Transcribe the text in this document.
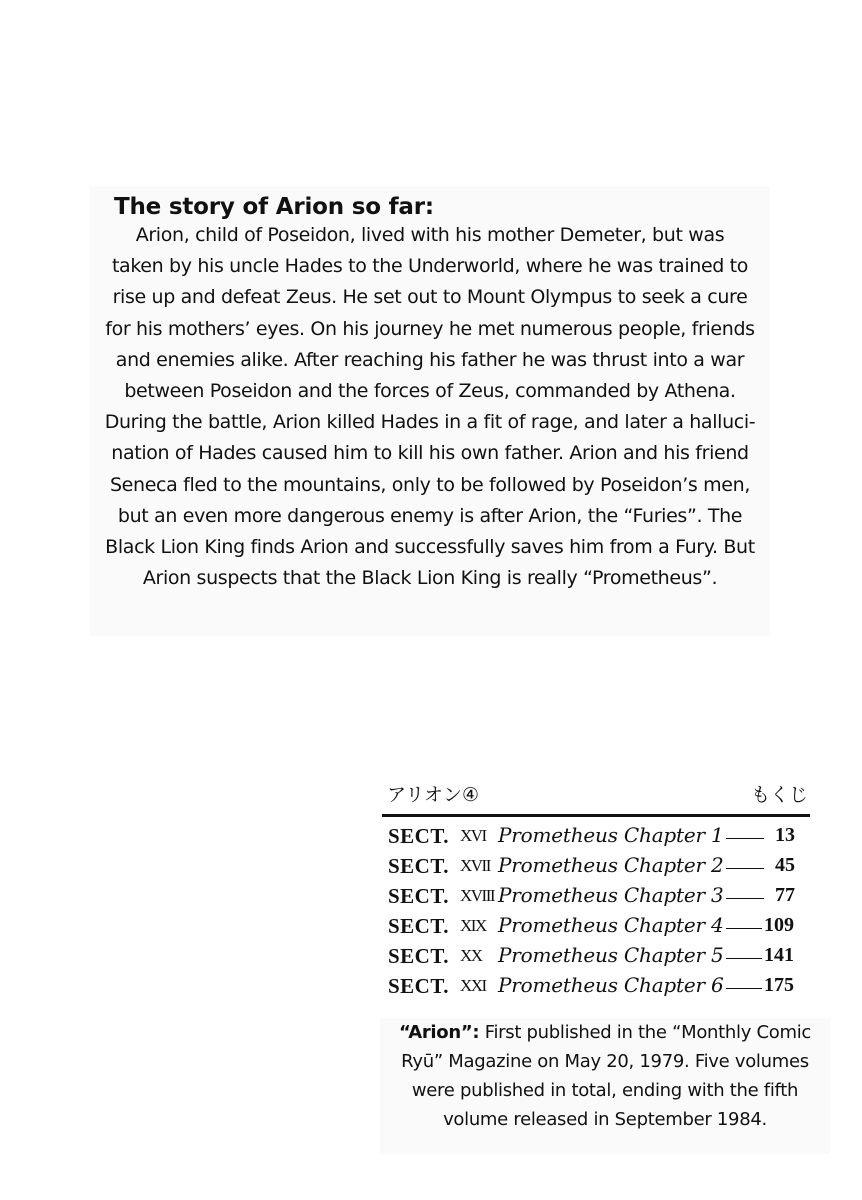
The story of Arion so far:
Arion, child of Poseidon, lived with his mother Demeter, but was
taken by his uncle Hades to the Underworld, where he was trained to
rise up and defeat Zeus. He set out to Mount Olympus to seek a cure
for his mothers’ eyes. On his journey he met numerous people, friends
and enemies alike. After reaching his father he was thrust into a war
between Poseidon and the forces of Zeus, commanded by Athena.
During the battle, Arion killed Hades in a fit of rage, and later a halluci-
nation of Hades caused him to kill his own father. Arion and his friend
Seneca fled to the mountains, only to be followed by Poseidon’s men,
but an even more dangerous enemy is after Arion, the “Furies”. The
Black Lion King finds Arion and successfully saves him from a Fury. But
Arion suspects that the Black Lion King is really “Prometheus”.
アリオン④	もくじ
SECT. XVI Prometheus Chapter 1	13
SECT. XVII Prometheus Chapter 2	45
SECT. XVIII Prometheus Chapter 3	77
SECT. XIX Prometheus Chapter 4 109
SECT. XX Prometheus Chapter 5 141
SECT. XXI Prometheus Chapter 6 175
“Arion”: First published in the “Monthly Comic
Ryū” Magazine on May 20, 1979. Five volumes
were published in total, ending with the fifth
volume released in September 1984.
